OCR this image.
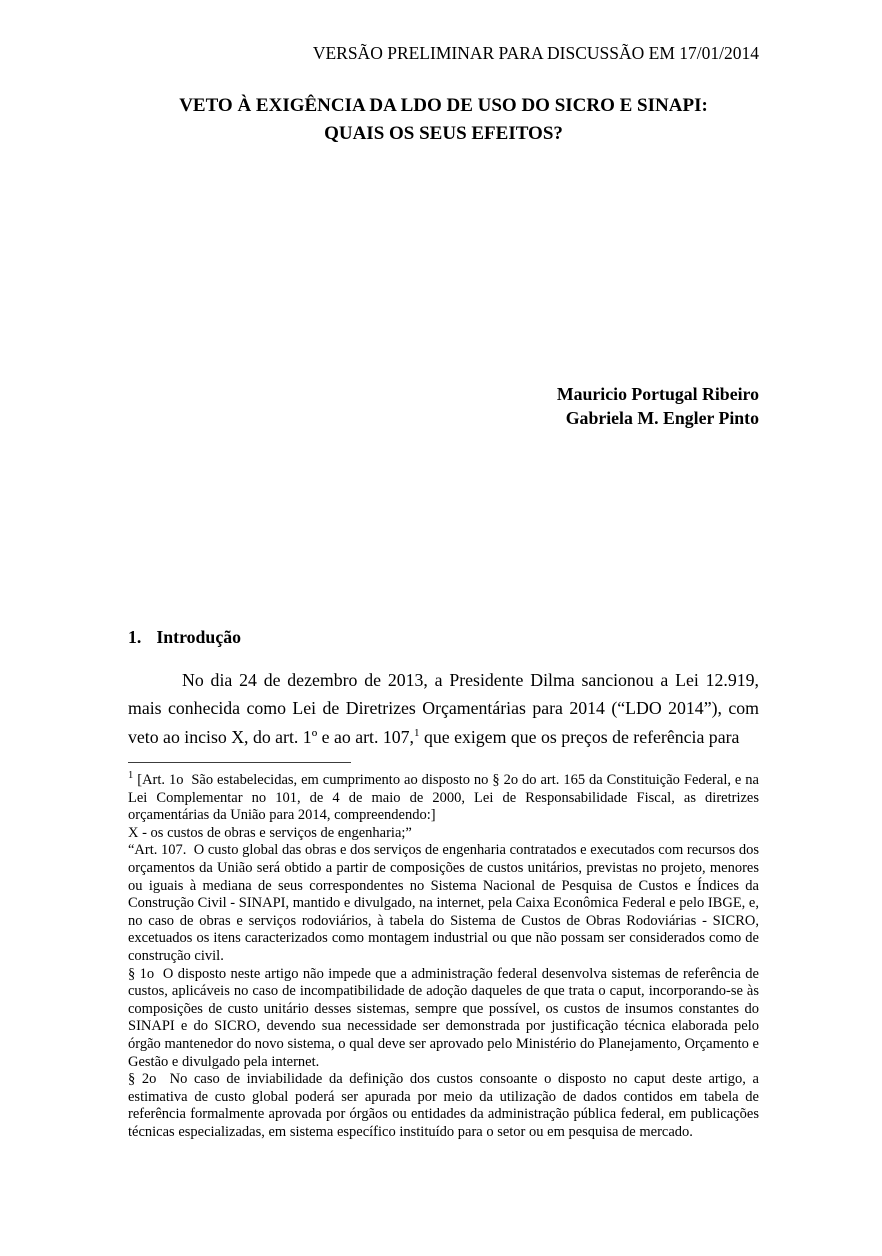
VERSÃO PRELIMINAR PARA DISCUSSÃO EM 17/01/2014
VETO À EXIGÊNCIA DA LDO DE USO DO SICRO E SINAPI:
QUAIS OS SEUS EFEITOS?
Mauricio Portugal Ribeiro
Gabriela M. Engler Pinto
1. Introdução

No dia 24 de dezembro de 2013, a Presidente Dilma sancionou a Lei 12.919, mais conhecida como Lei de Diretrizes Orçamentárias para 2014 (“LDO 2014”), com veto ao inciso X, do art. 1º e ao art. 107,$^1$ que exigem que os preços de referência para

$^1$ [Art. 1o  São estabelecidas, em cumprimento ao disposto no § 2o do art. 165 da Constituição Federal, e na Lei Complementar no 101, de 4 de maio de 2000, Lei de Responsabilidade Fiscal, as diretrizes orçamentárias da União para 2014, compreendendo:]
X - os custos de obras e serviços de engenharia;”
“Art. 107.  O custo global das obras e dos serviços de engenharia contratados e executados com recursos dos orçamentos da União será obtido a partir de composições de custos unitários, previstas no projeto, menores ou iguais à mediana de seus correspondentes no Sistema Nacional de Pesquisa de Custos e Índices da Construção Civil - SINAPI, mantido e divulgado, na internet, pela Caixa Econômica Federal e pelo IBGE, e, no caso de obras e serviços rodoviários, à tabela do Sistema de Custos de Obras Rodoviárias - SICRO, excetuados os itens caracterizados como montagem industrial ou que não possam ser considerados como de construção civil.
§ 1o  O disposto neste artigo não impede que a administração federal desenvolva sistemas de referência de custos, aplicáveis no caso de incompatibilidade de adoção daqueles de que trata o caput, incorporando-se às composições de custo unitário desses sistemas, sempre que possível, os custos de insumos constantes do SINAPI e do SICRO, devendo sua necessidade ser demonstrada por justificação técnica elaborada pelo órgão mantenedor do novo sistema, o qual deve ser aprovado pelo Ministério do Planejamento, Orçamento e Gestão e divulgado pela internet.
§ 2o  No caso de inviabilidade da definição dos custos consoante o disposto no caput deste artigo, a estimativa de custo global poderá ser apurada por meio da utilização de dados contidos em tabela de referência formalmente aprovada por órgãos ou entidades da administração pública federal, em publicações técnicas especializadas, em sistema específico instituído para o setor ou em pesquisa de mercado.
